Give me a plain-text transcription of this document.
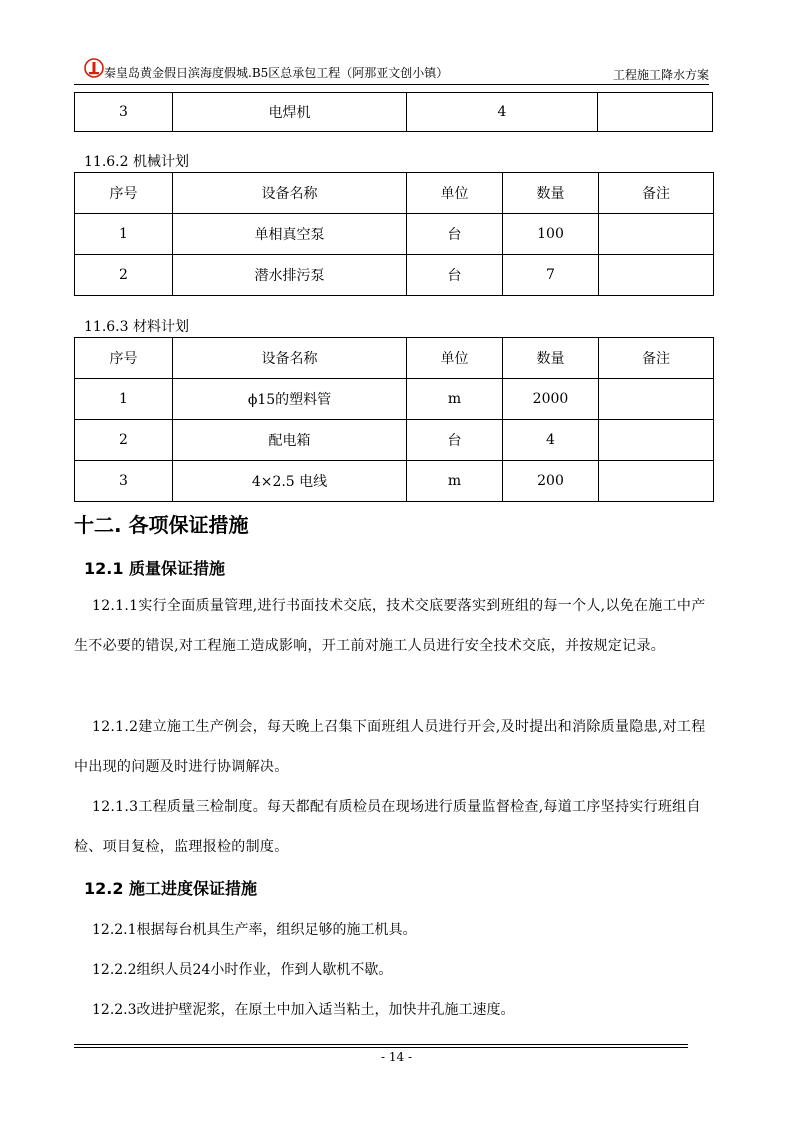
秦皇岛黄金假日滨海度假城.B5区总承包工程（阿那亚文创小镇）	工程施工降水方案
3	电焊机	4	
11.6.2 机械计划
序号	设备名称	单位	数量	备注
1	单相真空泵	台	100	
2	潜水排污泵	台	7	
11.6.3 材料计划
序号	设备名称	单位	数量	备注
1	ϕ15的塑料管	m	2000	
2	配电箱	台	4	
3	4×2.5 电线	m	200	
十二. 各项保证措施
12.1 质量保证措施
12.1.1实行全面质量管理,进行书面技术交底，技术交底要落实到班组的每一个人,以免在施工中产生不必要的错误,对工程施工造成影响，开工前对施工人员进行安全技术交底，并按规定记录。
12.1.2建立施工生产例会，每天晚上召集下面班组人员进行开会,及时提出和消除质量隐患,对工程中出现的问题及时进行协调解决。
12.1.3工程质量三检制度。每天都配有质检员在现场进行质量监督检查,每道工序坚持实行班组自检、项目复检，监理报检的制度。
12.2 施工进度保证措施
12.2.1根据每台机具生产率，组织足够的施工机具。
12.2.2组织人员24小时作业，作到人歇机不歇。
12.2.3改进护壁泥浆，在原土中加入适当粘土，加快井孔施工速度。
- 14 -
